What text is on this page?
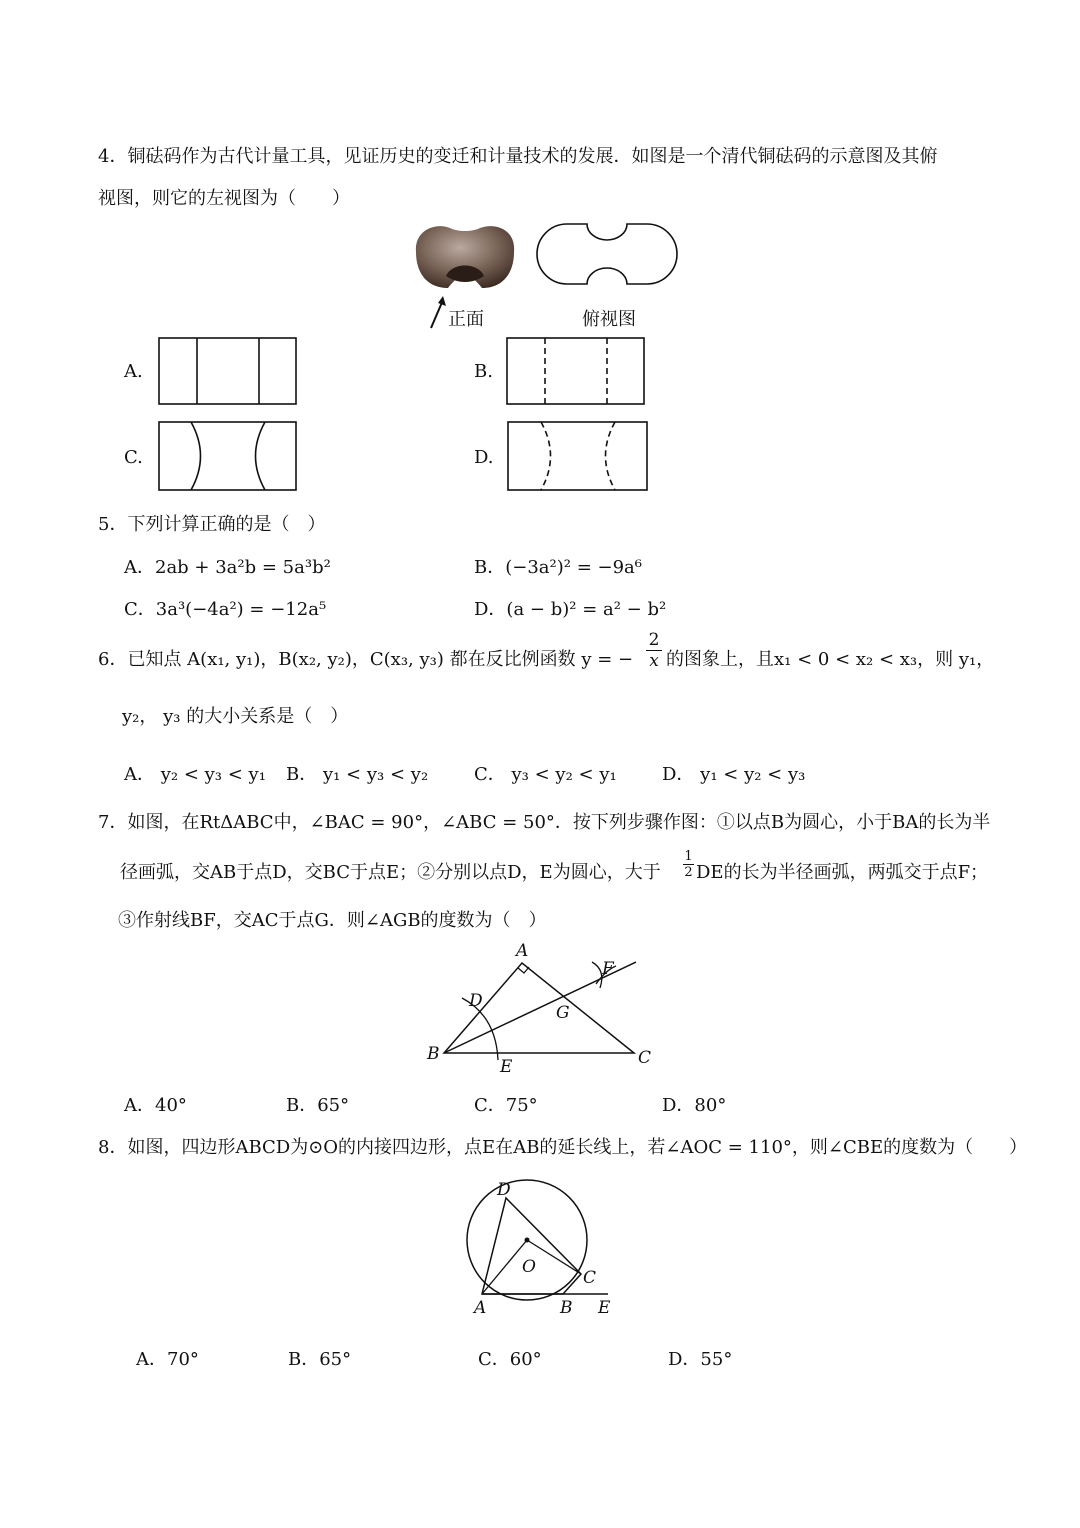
4．铜砝码作为古代计量工具，见证历史的变迁和计量技术的发展．如图是一个清代铜砝码的示意图及其俯
视图，则它的左视图为（　　）
正面	俯视图
A.	B.
C.	D.
5．下列计算正确的是（　）
A．2ab + 3a²b = 5a³b²	B．(−3a²)² = −9a⁶
C．3a³(−4a²) = −12a⁵	D．(a − b)² = a² − b²
6．已知点 A(x₁, y₁)，B(x₂, y₂)，C(x₃, y₃) 都在反比例函数 y = − $\frac{2}{x}$ 的图象上，且x₁ < 0 < x₂ < x₃，则 y₁，
y₂， y₃ 的大小关系是（　）
A． y₂ < y₃ < y₁ B． y₁ < y₃ < y₂	C． y₃ < y₂ < y₁	D． y₁ < y₂ < y₃
7．如图，在RtΔABC中，∠BAC = 90°，∠ABC = 50°．按下列步骤作图：①以点B为圆心，小于BA的长为半
径画弧，交AB于点D，交BC于点E；②分别以点D，E为圆心，大于 $\frac{1}{2}$ DE的长为半径画弧，两弧交于点F；
③作射线BF，交AC于点G．则∠AGB的度数为（　）
A
B	C
D
E
F
G
A．40°	B．65°	C．75°	D．80°
8．如图，四边形ABCD为⊙O的内接四边形，点E在AB的延长线上，若∠AOC = 110°，则∠CBE的度数为（　　）
D
O
C
A	B E
A．70°	B．65°	C．60°	D．55°
